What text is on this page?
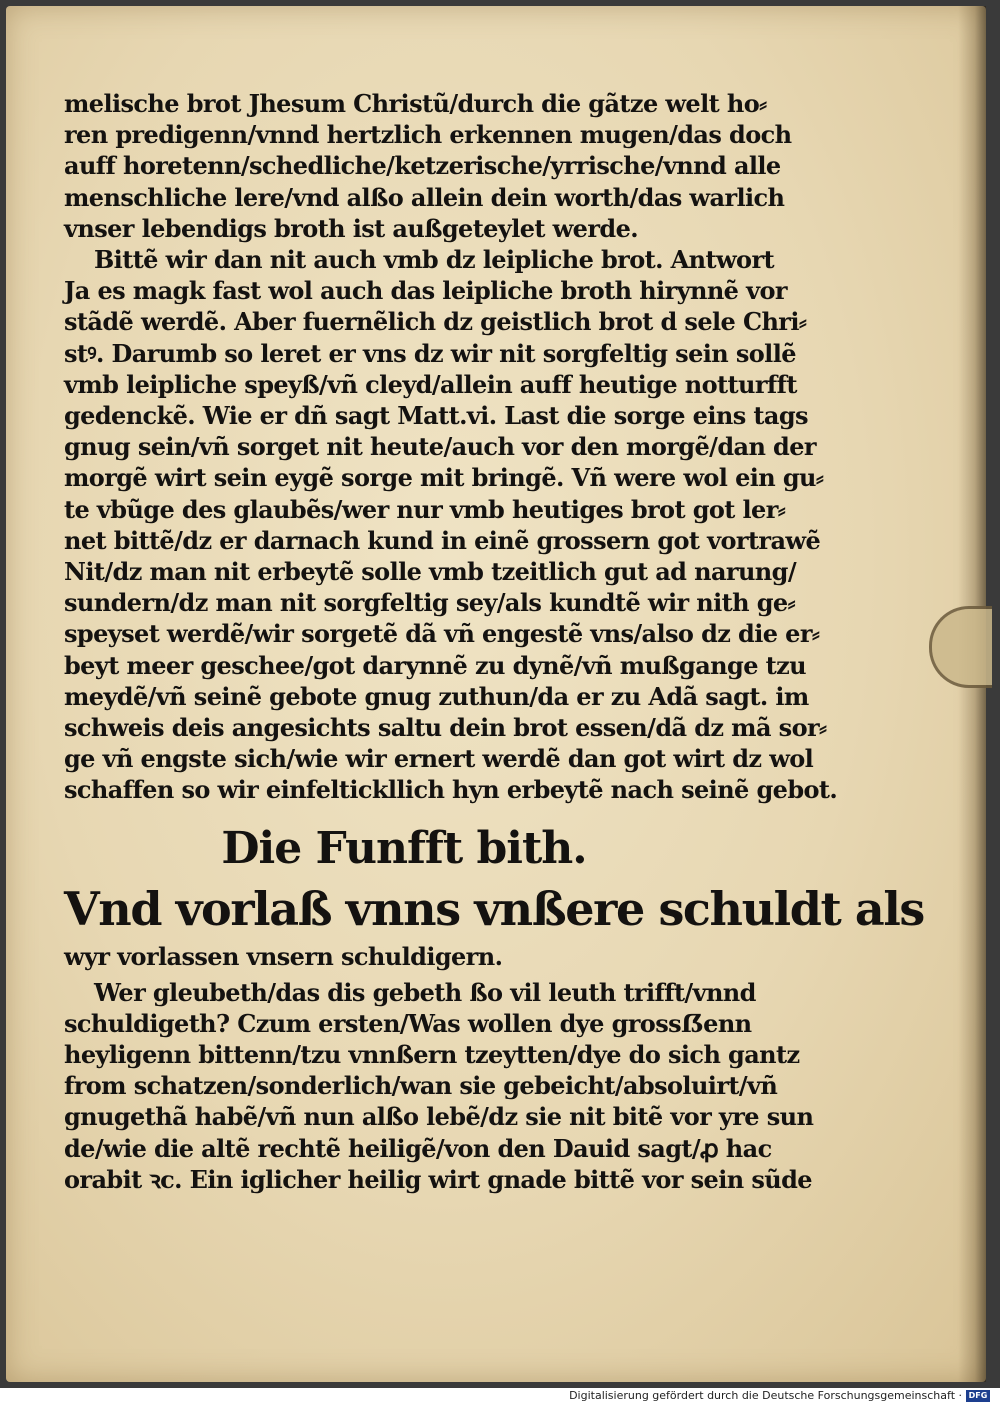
melische brot Jhesum Christũ/durch die gãtze welt ho⸗
ren predigenn/vnnd hertzlich erkennen mugen/das doch
auff horetenn/schedliche/ketzerische/yrrische/vnnd alle
menschliche lere/vnd alßo allein dein worth/das warlich
vnser lebendigs broth ist außgeteylet werde.
Bittẽ wir dan nit auch vmb dz leipliche brot. Antwort
Ja es magk fast wol auch das leipliche broth hirynnẽ vor
stãdẽ werdẽ. Aber fuernẽlich dz geistlich brot d sele Chri⸗
stꝰ. Darumb so leret er vns dz wir nit sorgfeltig sein sollẽ
vmb leipliche speyß/vñ cleyd/allein auff heutige notturfft
gedenckẽ. Wie er dñ sagt Matt.vi. Last die sorge eins tags
gnug sein/vñ sorget nit heute/auch vor den morgẽ/dan der
morgẽ wirt sein eygẽ sorge mit bringẽ. Vñ were wol ein gu⸗
te vbũge des glaubẽs/wer nur vmb heutiges brot got ler⸗
net bittẽ/dz er darnach kund in einẽ grossern got vortrawẽ
Nit/dz man nit erbeytẽ solle vmb tzeitlich gut ad narung/
sundern/dz man nit sorgfeltig sey/als kundtẽ wir nith ge⸗
speyset werdẽ/wir sorgetẽ dã vñ engestẽ vns/also dz die er⸗
beyt meer geschee/got darynnẽ zu dynẽ/vñ mußgange tzu
meydẽ/vñ seinẽ gebote gnug zuthun/da er zu Adã sagt. im
schweis deis angesichts saltu dein brot essen/dã dz mã sor⸗
ge vñ engste sich/wie wir ernert werdẽ dan got wirt dz wol
schaffen so wir einfeltickllich hyn erbeytẽ nach seinẽ gebot.
Die Funfft bith.
Vnd vorlaß vnns vnßere schuldt als
wyr vorlassen vnsern schuldigern.
Wer gleubeth/das dis gebeth ßo vil leuth trifft/vnnd
schuldigeth? Czum ersten/Was wollen dye grossẞenn
heyligenn bittenn/tzu vnnßern tzeytten/dye do sich gantz
from schatzen/sonderlich/wan sie gebeicht/absoluirt/vñ
gnugethã habẽ/vñ nun alßo lebẽ/dz sie nit bitẽ vor yre sun
de/wie die altẽ rechtẽ heiligẽ/von den Dauid sagt/ꝓ hac
orabit ꝛc. Ein iglicher heilig wirt gnade bittẽ vor sein sũde
Digitalisierung gefördert durch die Deutsche Forschungsgemeinschaft · DFG
